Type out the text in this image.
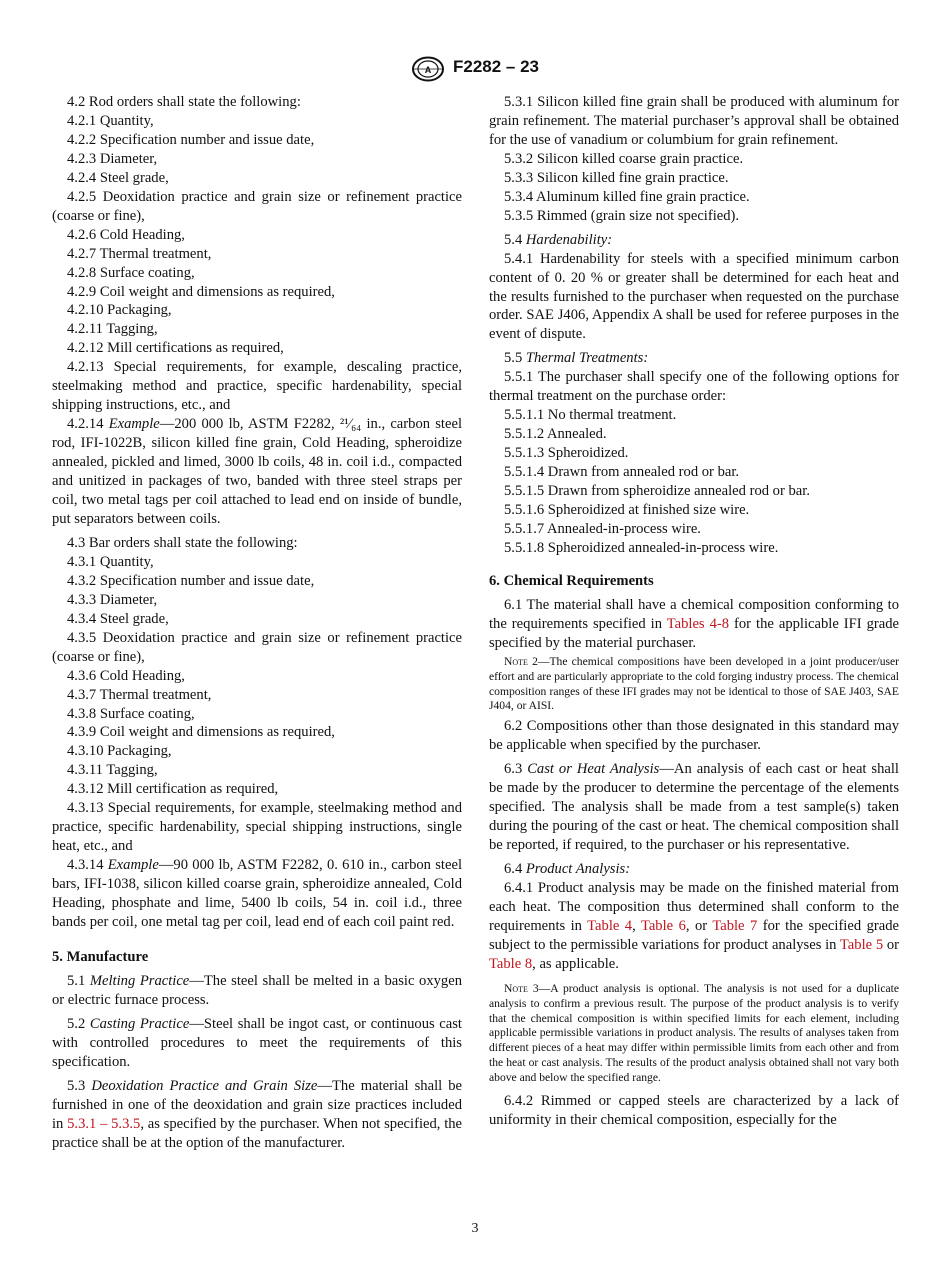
A F2282 – 23

4.2 Rod orders shall state the following:

4.2.1 Quantity,

4.2.2 Specification number and issue date,

4.2.3 Diameter,

4.2.4 Steel grade,

4.2.5 Deoxidation practice and grain size or refinement practice (coarse or fine),

4.2.6 Cold Heading,

4.2.7 Thermal treatment,

4.2.8 Surface coating,

4.2.9 Coil weight and dimensions as required,

4.2.10 Packaging,

4.2.11 Tagging,

4.2.12 Mill certifications as required,

4.2.13 Special requirements, for example, descaling practice, steelmaking method and practice, specific hardenability, special shipping instructions, etc., and

4.2.14 Example—200 000 lb, ASTM F2282, ²¹⁄₆₄ in., carbon steel rod, IFI-1022B, silicon killed fine grain, Cold Heading, spheroidize annealed, pickled and limed, 3000 lb coils, 48 in. coil i.d., compacted and unitized in packages of two, banded with three steel straps per coil, two metal tags per coil attached to lead end on inside of bundle, put separators between coils.

4.3 Bar orders shall state the following:

4.3.1 Quantity,

4.3.2 Specification number and issue date,

4.3.3 Diameter,

4.3.4 Steel grade,

4.3.5 Deoxidation practice and grain size or refinement practice (coarse or fine),

4.3.6 Cold Heading,

4.3.7 Thermal treatment,

4.3.8 Surface coating,

4.3.9 Coil weight and dimensions as required,

4.3.10 Packaging,

4.3.11 Tagging,

4.3.12 Mill certification as required,

4.3.13 Special requirements, for example, steelmaking method and practice, specific hardenability, special shipping instructions, single heat, etc., and

4.3.14 Example—90 000 lb, ASTM F2282, 0. 610 in., carbon steel bars, IFI-1038, silicon killed coarse grain, spheroidize annealed, Cold Heading, phosphate and lime, 5400 lb coils, 54 in. coil i.d., three bands per coil, one metal tag per coil, lead end of each coil paint red.

5. Manufacture

5.1 Melting Practice—The steel shall be melted in a basic oxygen or electric furnace process.

5.2 Casting Practice—Steel shall be ingot cast, or continuous cast with controlled procedures to meet the requirements of this specification.

5.3 Deoxidation Practice and Grain Size—The material shall be furnished in one of the deoxidation and grain size practices included in 5.3.1 – 5.3.5, as specified by the purchaser. When not specified, the practice shall be at the option of the manufacturer.

5.3.1 Silicon killed fine grain shall be produced with aluminum for grain refinement. The material purchaser’s approval shall be obtained for the use of vanadium or columbium for grain refinement.

5.3.2 Silicon killed coarse grain practice.

5.3.3 Silicon killed fine grain practice.

5.3.4 Aluminum killed fine grain practice.

5.3.5 Rimmed (grain size not specified).

5.4 Hardenability:

5.4.1 Hardenability for steels with a specified minimum carbon content of 0. 20 % or greater shall be determined for each heat and the results furnished to the purchaser when requested on the purchase order. SAE J406, Appendix A shall be used for referee purposes in the event of dispute.

5.5 Thermal Treatments:

5.5.1 The purchaser shall specify one of the following options for thermal treatment on the purchase order:

5.5.1.1 No thermal treatment.

5.5.1.2 Annealed.

5.5.1.3 Spheroidized.

5.5.1.4 Drawn from annealed rod or bar.

5.5.1.5 Drawn from spheroidize annealed rod or bar.

5.5.1.6 Spheroidized at finished size wire.

5.5.1.7 Annealed-in-process wire.

5.5.1.8 Spheroidized annealed-in-process wire.

6. Chemical Requirements

6.1 The material shall have a chemical composition conforming to the requirements specified in Tables 4-8 for the applicable IFI grade specified by the material purchaser.

Note 2—The chemical compositions have been developed in a joint producer/user effort and are particularly appropriate to the cold forging industry process. The chemical composition ranges of these IFI grades may not be identical to those of SAE J403, SAE J404, or AISI.

6.2 Compositions other than those designated in this standard may be applicable when specified by the purchaser.

6.3 Cast or Heat Analysis—An analysis of each cast or heat shall be made by the producer to determine the percentage of the elements specified. The analysis shall be made from a test sample(s) taken during the pouring of the cast or heat. The chemical composition shall be reported, if required, to the purchaser or his representative.

6.4 Product Analysis:

6.4.1 Product analysis may be made on the finished material from each heat. The composition thus determined shall conform to the requirements in Table 4, Table 6, or Table 7 for the specified grade subject to the permissible variations for product analyses in Table 5 or Table 8, as applicable.

Note 3—A product analysis is optional. The analysis is not used for a duplicate analysis to confirm a previous result. The purpose of the product analysis is to verify that the chemical composition is within specified limits for each element, including applicable permissible variations in product analysis. The results of analyses taken from different pieces of a heat may differ within permissible limits from each other and from the heat or cast analysis. The results of the product analysis obtained shall not vary both above and below the specified range.

6.4.2 Rimmed or capped steels are characterized by a lack of uniformity in their chemical composition, especially for the

3
